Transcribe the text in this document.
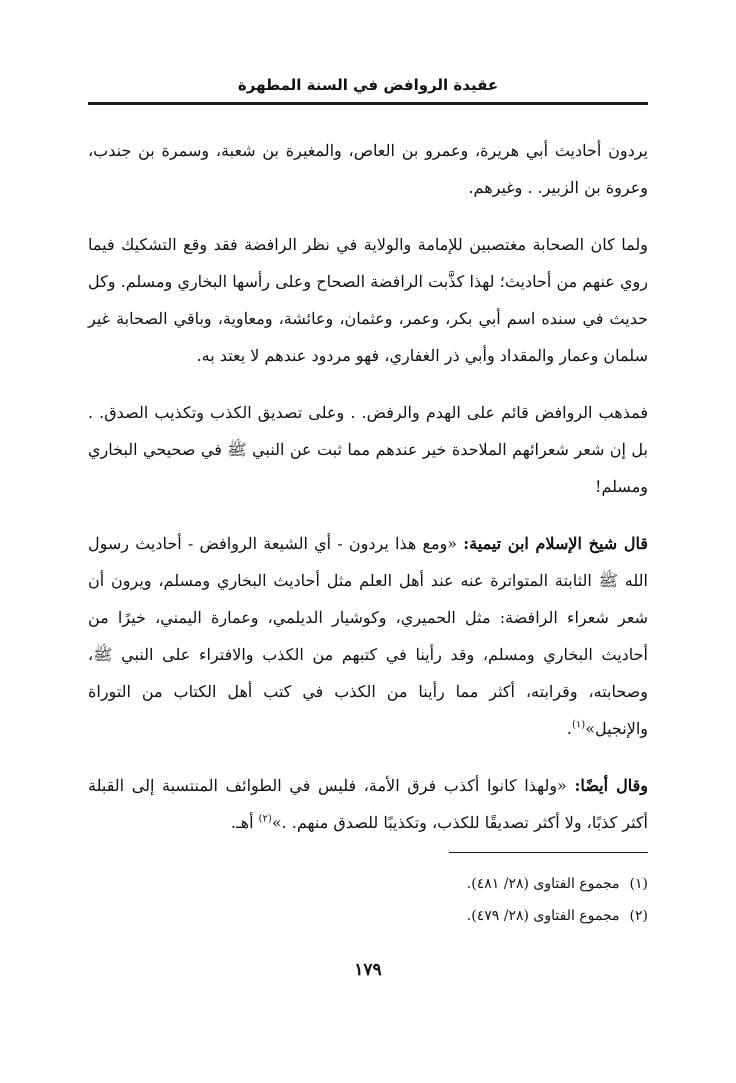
عقيدة الروافض في السنة المطهرة

يردون أحاديث أبي هريرة، وعمرو بن العاص، والمغيرة بن شعبة، وسمرة بن جندب، وعروة بن الزبير. . وغيرهم.

ولما كان الصحابة مغتصبين للإمامة والولاية في نظر الرافضة فقد وقع التشكيك فيما روي عنهم من أحاديث؛ لهذا كذَّبت الرافضة الصحاح وعلى رأسها البخاري ومسلم. وكل حديث في سنده اسم أبي بكر، وعمر، وعثمان، وعائشة، ومعاوية، وباقي الصحابة غير سلمان وعمار والمقداد وأبي ذر الغفاري، فهو مردود عندهم لا يعتد به.

فمذهب الروافض قائم على الهدم والرفض. . وعلى تصديق الكذب وتكذيب الصدق. . بل إن شعر شعرائهم الملاحدة خير عندهم مما ثبت عن النبي ﷺ في صحيحي البخاري ومسلم!

قال شيخ الإسلام ابن تيمية: «ومع هذا يردون - أي الشيعة الروافض - أحاديث رسول الله ﷺ الثابتة المتواترة عنه عند أهل العلم مثل أحاديث البخاري ومسلم، ويرون أن شعر شعراء الرافضة: مثل الحميري، وكوشيار الديلمي، وعمارة اليمني، خيرًا من أحاديث البخاري ومسلم، وقد رأينا في كتبهم من الكذب والافتراء على النبي ﷺ، وصحابته، وقرابته، أكثر مما رأينا من الكذب في كتب أهل الكتاب من التوراة والإنجيل»$^{(١)}$.

وقال أيضًا: «ولهذا كانوا أكذب فرق الأمة، فليس في الطوائف المنتسبة إلى القبلة أكثر كذبًا، ولا أكثر تصديقًا للكذب، وتكذيبًا للصدق منهم. .»$^{(٢)}$ أهـ.

(١)مجموع الفتاوى (٢٨/ ٤٨١).
(٢)مجموع الفتاوى (٢٨/ ٤٧٩).
١٧٩
